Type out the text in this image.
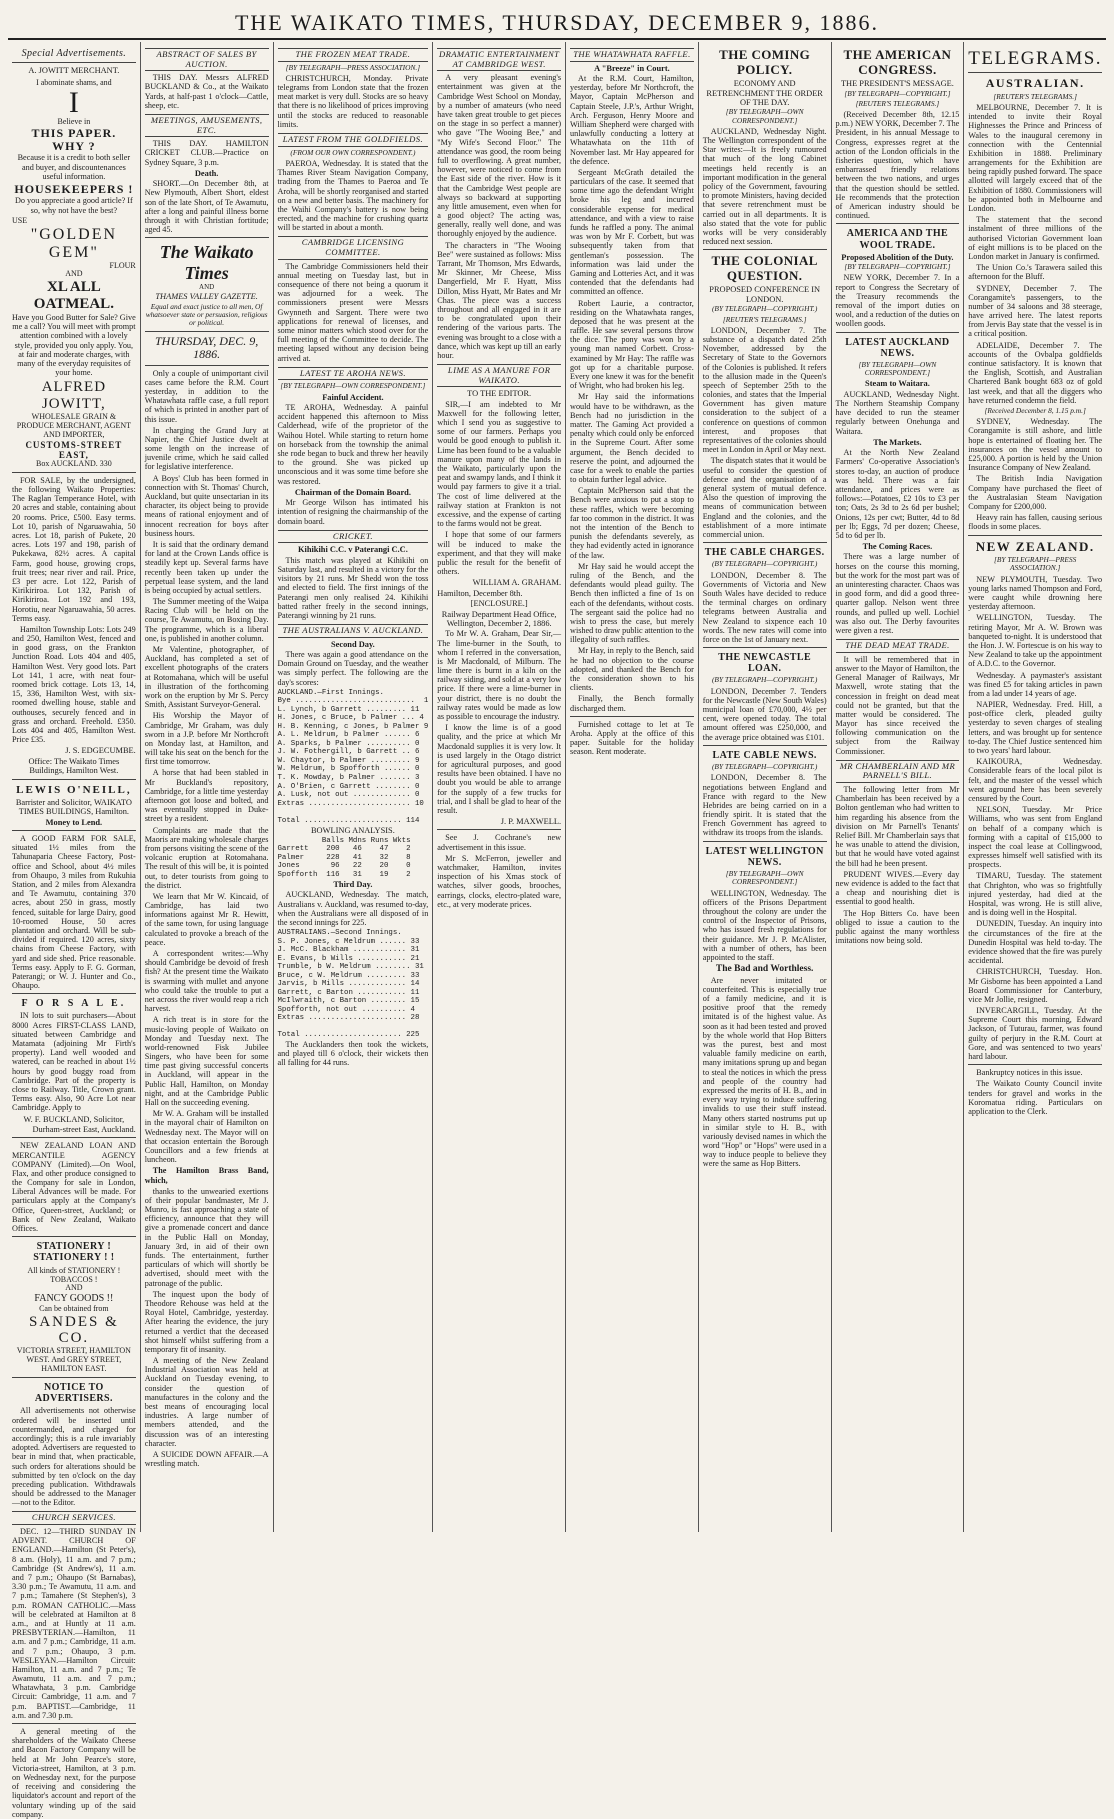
THE WAIKATO TIMES, THURSDAY, DECEMBER 9, 1886.
Special Advertisements.
A. JOWITT MERCHANT.
I abominate shams, and
I
Believe in
THIS PAPER.
WHY ?
Because it is a credit to both seller and buyer, and discountenances useful information.
HOUSEKEEPERS !
Do you appreciate a good article? If so, why not have the best?
USE
"GOLDEN GEM"
FLOUR
AND
XL ALL OATMEAL.
Have you Good Butter for Sale? Give me a call? You will meet with prompt attention combined with a lovely style, provided you only apply. You, at fair and moderate charges, with many of the everyday requisites of your home.
ALFRED JOWITT,
WHOLESALE GRAIN & PRODUCE MERCHANT, AGENT AND IMPORTER,
CUSTOMS-STREET EAST,
Box AUCKLAND. 330
FOR SALE, by the undersigned, the following Waikato Properties: The Raglan Temperance Hotel, with 20 acres and stable, containing about 20 rooms. Price, £500. Easy terms. Lot 10, parish of Ngaruawahia, 50 acres. Lot 18, parish of Pukete, 20 acres. Lots 197 and 198, parish of Pukekawa, 82½ acres. A capital Farm, good house, growing crops, fruit trees; near river and rail. Price, £3 per acre. Lot 122, Parish of Kirikiriroa. Lot 132, Parish of Kirikiriroa. Lot 192 and 193, Horotiu, near Ngaruawahia, 50 acres. Terms easy.
Hamilton Township Lots: Lots 249 and 250, Hamilton West, fenced and in good grass, on the Frankton Junction Road. Lots 404 and 405, Hamilton West. Very good lots. Part Lot 141, 1 acre, with neat four-roomed brick cottage. Lots 13, 14, 15, 336, Hamilton West, with six-roomed dwelling house, stable and outhouses, securely fenced and in grass and orchard. Freehold. £350. Lots 404 and 405, Hamilton West. Price £35.
J. S. EDGECUMBE.
Office: The Waikato Times Buildings, Hamilton West.
LEWIS O'NEILL,
Barrister and Solicitor, WAIKATO TIMES BUILDINGS, Hamilton.
Money to Lend.
A GOOD FARM FOR SALE, situated 1½ miles from the Tahunaparia Cheese Factory, Post-office and School, about 4½ miles from Ohaupo, 3 miles from Rukuhia Station, and 2 miles from Alexandra and Te Awamutu, containing 370 acres, about 250 in grass, mostly fenced, suitable for large Dairy, good 10-roomed House, 50 acres plantation and orchard. Will be sub-divided if required. 120 acres, sixty chains from Cheese Factory, with yard and side shed. Price reasonable. Terms easy. Apply to F. G. Gorman, Paterangi; or W. J. Hunter and Co., Ohaupo.
F O R S A L E.
IN lots to suit purchasers—About 8000 Acres FIRST-CLASS LAND, situated between Cambridge and Matamata (adjoining Mr Firth's property). Land well wooded and watered, can be reached in about 1½ hours by good buggy road from Cambridge. Part of the property is close to Railway. Title, Crown grant. Terms easy. Also, 90 Acre Lot near Cambridge. Apply to
W. F. BUCKLAND, Solicitor,
Durham-street East, Auckland.
NEW ZEALAND LOAN AND MERCANTILE AGENCY COMPANY (Limited).—On Wool, Flax, and other produce consigned to the Company for sale in London, Liberal Advances will be made. For particulars apply at the Company's Office, Queen-street, Auckland; or Bank of New Zealand, Waikato Offices.
STATIONERY ! STATIONERY ! !
All kinds of STATIONERY !
TOBACCOS !
AND
FANCY GOODS !!
Can be obtained from
SANDES & CO.
VICTORIA STREET, HAMILTON WEST. And GREY STREET, HAMILTON EAST.
NOTICE TO ADVERTISERS.
All advertisements not otherwise ordered will be inserted until countermanded, and charged for accordingly; this is a rule invariably adopted. Advertisers are requested to bear in mind that, when practicable, such orders for alterations should be submitted by ten o'clock on the day preceding publication. Withdrawals should be addressed to the Manager—not to the Editor.
CHURCH SERVICES.
DEC. 12—THIRD SUNDAY IN ADVENT. CHURCH OF ENGLAND.—Hamilton (St Peter's), 8 a.m. (Holy), 11 a.m. and 7 p.m.; Cambridge (St Andrew's), 11 a.m. and 7 p.m.; Ohaupo (St Barnabas), 3.30 p.m.; Te Awamutu, 11 a.m. and 7 p.m.; Tamahere (St Stephen's), 3 p.m. ROMAN CATHOLIC.—Mass will be celebrated at Hamilton at 8 a.m., and at Huntly at 11 a.m. PRESBYTERIAN.—Hamilton, 11 a.m. and 7 p.m.; Cambridge, 11 a.m. and 7 p.m.; Ohaupo, 3 p.m. WESLEYAN.—Hamilton Circuit: Hamilton, 11 a.m. and 7 p.m.; Te Awamutu, 11 a.m. and 7 p.m.; Whatawhata, 3 p.m. Cambridge Circuit: Cambridge, 11 a.m. and 7 p.m. BAPTIST.—Cambridge, 11 a.m. and 7.30 p.m.
A general meeting of the shareholders of the Waikato Cheese and Bacon Factory Company will be held at Mr John Pearce's store, Victoria-street, Hamilton, at 3 p.m. on Wednesday next, for the purpose of receiving and considering the liquidator's account and report of the voluntary winding up of the said company.
ABSTRACT OF SALES BY AUCTION.
THIS DAY. Messrs ALFRED BUCKLAND & Co., at the Waikato Yards, at half-past 1 o'clock—Cattle, sheep, etc.
MEETINGS, AMUSEMENTS, ETC.
THIS DAY. HAMILTON CRICKET CLUB.—Practice on Sydney Square, 3 p.m.
Death.
SHORT.—On December 8th, at New Plymouth, Albert Short, eldest son of the late Short, of Te Awamutu, after a long and painful illness borne through it with Christian fortitude; aged 45.
The Waikato Times
AND
THAMES VALLEY GAZETTE.
Equal and exact justice to all men, Of whatsoever state or persuasion, religious or political.
THURSDAY, DEC. 9, 1886.
Only a couple of unimportant civil cases came before the R.M. Court yesterday, in addition to the Whatawhata raffle case, a full report of which is printed in another part of this issue.
In charging the Grand Jury at Napier, the Chief Justice dwelt at some length on the increase of juvenile crime, which he said called for legislative interference.
A Boys' Club has been formed in connection with St. Thomas' Church, Auckland, but quite unsectarian in its character, its object being to provide means of rational enjoyment and of innocent recreation for boys after business hours.
It is said that the ordinary demand for land at the Crown Lands office is steadily kept up. Several farms have recently been taken up under the perpetual lease system, and the land is being occupied by actual settlers.
The Summer meeting of the Waipa Racing Club will be held on the course, Te Awamutu, on Boxing Day. The programme, which is a liberal one, is published in another column.
Mr Valentine, photographer, of Auckland, has completed a set of excellent photographs of the craters at Rotomahana, which will be useful in illustration of the forthcoming work on the eruption by Mr S. Percy Smith, Assistant Surveyor-General.
His Worship the Mayor of Cambridge, Mr Graham, was duly sworn in a J.P. before Mr Northcroft on Monday last, at Hamilton, and will take his seat on the bench for the first time tomorrow.
A horse that had been stabled in Mr Buckland's repository, Cambridge, for a little time yesterday afternoon got loose and bolted, and was eventually stopped in Duke-street by a resident.
Complaints are made that the Maoris are making wholesale charges from persons visiting the scene of the volcanic eruption at Rotomahana. The result of this will be, it is pointed out, to deter tourists from going to the district.
We learn that Mr W. Kincaid, of Cambridge, has laid two informations against Mr R. Hewitt, of the same town, for using language calculated to provoke a breach of the peace.
A correspondent writes:—Why should Cambridge be devoid of fresh fish? At the present time the Waikato is swarming with mullet and anyone who could take the trouble to put a net across the river would reap a rich harvest.
A rich treat is in store for the music-loving people of Waikato on Monday and Tuesday next. The world-renowned Fisk Jubilee Singers, who have been for some time past giving successful concerts in Auckland, will appear in the Public Hall, Hamilton, on Monday night, and at the Cambridge Public Hall on the succeeding evening.
Mr W. A. Graham will be installed in the mayoral chair of Hamilton on Wednesday next. The Mayor will on that occasion entertain the Borough Councillors and a few friends at luncheon.
The Hamilton Brass Band, which,
thanks to the unwearied exertions of their popular bandmaster, Mr J. Munro, is fast approaching a state of efficiency, announce that they will give a promenade concert and dance in the Public Hall on Monday, January 3rd, in aid of their own funds. The entertainment, further particulars of which will shortly be advertised, should meet with the patronage of the public.
The inquest upon the body of Theodore Rehouse was held at the Royal Hotel, Cambridge, yesterday. After hearing the evidence, the jury returned a verdict that the deceased shot himself whilst suffering from a temporary fit of insanity.
A meeting of the New Zealand Industrial Association was held at Auckland on Tuesday evening, to consider the question of manufactures in the colony and the best means of encouraging local industries. A large number of members attended, and the discussion was of an interesting character.
A SUICIDE DOWN AFFAIR.—A wrestling match.
THE FROZEN MEAT TRADE.
[BY TELEGRAPH—PRESS ASSOCIATION.]
CHRISTCHURCH, Monday. Private telegrams from London state that the frozen meat market is very dull. Stocks are so heavy that there is no likelihood of prices improving until the stocks are reduced to reasonable limits.
LATEST FROM THE GOLDFIELDS.
(FROM OUR OWN CORRESPONDENT.)
PAEROA, Wednesday. It is stated that the Thames River Steam Navigation Company, trading from the Thames to Paeroa and Te Aroha, will be shortly reorganised and started on a new and better basis. The machinery for the Waihi Company's battery is now being erected, and the machine for crushing quartz will be started in about a month.
CAMBRIDGE LICENSING COMMITTEE.
The Cambridge Commissioners held their annual meeting on Tuesday last, but in consequence of there not being a quorum it was adjourned for a week. The commissioners present were Messrs Gwynneth and Sargent. There were two applications for renewal of licenses, and some minor matters which stood over for the full meeting of the Committee to decide. The meeting lapsed without any decision being arrived at.
LATEST TE AROHA NEWS.
[BY TELEGRAPH—OWN CORRESPONDENT.]
Fainful Accident.
TE AROHA, Wednesday. A painful accident happened this afternoon to Miss Calderhead, wife of the proprietor of the Waihou Hotel. While starting to return home on horseback from the township the animal she rode began to buck and threw her heavily to the ground. She was picked up unconscious and it was some time before she was restored.
Chairman of the Domain Board.
Mr George Wilson has intimated his intention of resigning the chairmanship of the domain board.
CRICKET.
Kihikihi C.C. v Paterangi C.C.
This match was played at Kihikihi on Saturday last, and resulted in a victory for the visitors by 21 runs. Mr Shedd won the toss and elected to field. The first innings of the Paterangi men only realised 24. Kihikihi batted rather freely in the second innings, Paterangi winning by 21 runs.
THE AUSTRALIANS V. AUCKLAND.
Second Day.
There was again a good attendance on the Domain Ground on Tuesday, and the weather was simply perfect. The following are the day's scores:
AUCKLAND.—First Innings.
Bye ...........................  1
L. Lynch, b Garrett ......... 11
H. Jones, c Bruce, b Palmer ... 4
H. B. Kenning, c Jones, b Palmer 9
A. L. Meldrum, b Palmer ...... 6
A. Sparks, b Palmer .......... 0
J. W. Fothergill, b Garrett .. 6
W. Chaytor, b Palmer ......... 9
W. Meldrum, b Spofforth ...... 0
T. K. Mowday, b Palmer ....... 3
A. O'Brien, c Garrett ........ 0
A. Lusk, not out ............. 0
Extras ....................... 10

Total ...................... 114
BOWLING ANALYSIS.
Balls Mdns Runs Wkts
Garrett    200   46    47    2
Palmer     228   41    32    8
Jones       96   22    20    0
Spofforth  116   31    19    2
Third Day.
AUCKLAND, Wednesday. The match, Australians v. Auckland, was resumed to-day, when the Australians were all disposed of in the second innings for 225.
AUSTRALIANS.—Second Innings.
S. P. Jones, c Meldrum ...... 33
J. McC. Blackham ............ 31
E. Evans, b Wills ........... 21
Trumble, b W. Meldrum ........ 31
Bruce, c W. Meldrum ......... 33
Jarvis, b Mills ............. 14
Garrett, c Barton ........... 11
McIlwraith, c Barton ........ 15
Spofforth, not out .......... 4
Extras ...................... 28

Total ...................... 225
The Aucklanders then took the wickets, and played till 6 o'clock, their wickets then all falling for 44 runs.
DRAMATIC ENTERTAINMENT AT CAMBRIDGE WEST.
A very pleasant evening's entertainment was given at the Cambridge West School on Monday, by a number of amateurs (who need have taken great trouble to get pieces on the stage in so perfect a manner) who gave "The Wooing Bee," and "My Wife's Second Floor." The attendance was good, the room being full to overflowing. A great number, however, were noticed to come from the East side of the river. How is it that the Cambridge West people are always so backward at supporting any little amusement, even when for a good object? The acting was, generally, really well done, and was thoroughly enjoyed by the audience.
The characters in "The Wooing Bee" were sustained as follows: Miss Tarrant, Mr Thomson, Mrs Edwards, Mr Skinner, Mr Cheese, Miss Dangerfield, Mr F. Hyatt, Miss Dillon, Miss Hyatt, Mr Bates and Mr Chas. The piece was a success throughout and all engaged in it are to be congratulated upon their rendering of the various parts. The evening was brought to a close with a dance, which was kept up till an early hour.
LIME AS A MANURE FOR WAIKATO.
TO THE EDITOR.
SIR,—I am indebted to Mr Maxwell for the following letter, which I send you as suggestive to some of our farmers. Perhaps you would be good enough to publish it. Lime has been found to be a valuable manure upon many of the lands in the Waikato, particularly upon the peat and swampy lands, and I think it would pay farmers to give it a trial. The cost of lime delivered at the railway station at Frankton is not excessive, and the expense of carting to the farms would not be great.
I hope that some of our farmers will be induced to make the experiment, and that they will make public the result for the benefit of others.
WILLIAM A. GRAHAM.
Hamilton, December 8th.
[ENCLOSURE.]
Railway Department Head Office, Wellington, December 2, 1886.
To Mr W. A. Graham, Dear Sir,—The lime-burner in the South, to whom I referred in the conversation, is Mr Macdonald, of Milburn. The lime there is burnt in a kiln on the railway siding, and sold at a very low price. If there were a lime-burner in your district, there is no doubt the railway rates would be made as low as possible to encourage the industry.
I know the lime is of a good quality, and the price at which Mr Macdonald supplies it is very low. It is used largely in the Otago district for agricultural purposes, and good results have been obtained. I have no doubt you would be able to arrange for the supply of a few trucks for trial, and I shall be glad to hear of the result.
J. P. MAXWELL.
See J. Cochrane's new advertisement in this issue.
Mr S. McFerron, jeweller and watchmaker, Hamilton, invites inspection of his Xmas stock of watches, silver goods, brooches, earrings, clocks, electro-plated ware, etc., at very moderate prices.
THE WHATAWHATA RAFFLE.
A "Breeze" in Court.
At the R.M. Court, Hamilton, yesterday, before Mr Northcroft, the Mayor, Captain McPherson and Captain Steele, J.P.'s, Arthur Wright, Arch. Ferguson, Henry Moore and William Shepherd were charged with unlawfully conducting a lottery at Whatawhata on the 11th of November last. Mr Hay appeared for the defence.
Sergeant McGrath detailed the particulars of the case. It seemed that some time ago the defendant Wright broke his leg and incurred considerable expense for medical attendance, and with a view to raise funds he raffled a pony. The animal was won by Mr F. Corbett, but was subsequently taken from that gentleman's possession. The information was laid under the Gaming and Lotteries Act, and it was contended that the defendants had committed an offence.
Robert Laurie, a contractor, residing on the Whatawhata ranges, deposed that he was present at the raffle. He saw several persons throw the dice. The pony was won by a young man named Corbett. Cross-examined by Mr Hay: The raffle was got up for a charitable purpose. Every one knew it was for the benefit of Wright, who had broken his leg.
Mr Hay said the informations would have to be withdrawn, as the Bench had no jurisdiction in the matter. The Gaming Act provided a penalty which could only be enforced in the Supreme Court. After some argument, the Bench decided to reserve the point, and adjourned the case for a week to enable the parties to obtain further legal advice.
Captain McPherson said that the Bench were anxious to put a stop to these raffles, which were becoming far too common in the district. It was not the intention of the Bench to punish the defendants severely, as they had evidently acted in ignorance of the law.
Mr Hay said he would accept the ruling of the Bench, and the defendants would plead guilty. The Bench then inflicted a fine of 1s on each of the defendants, without costs. The sergeant said the police had no wish to press the case, but merely wished to draw public attention to the illegality of such raffles.
Mr Hay, in reply to the Bench, said he had no objection to the course adopted, and thanked the Bench for the consideration shown to his clients.
Finally, the Bench formally discharged them.
Furnished cottage to let at Te Aroha. Apply at the office of this paper. Suitable for the holiday season. Rent moderate.
THE COMING POLICY.
ECONOMY AND RETRENCHMENT THE ORDER OF THE DAY.
[BY TELEGRAPH—OWN CORRESPONDENT.]
AUCKLAND, Wednesday Night. The Wellington correspondent of the Star writes:—It is freely rumoured that much of the long Cabinet meetings held recently is an important modification in the general policy of the Government, favouring to promote Ministers, having decided that severe retrenchment must be carried out in all departments. It is also stated that the vote for public works will be very considerably reduced next session.
THE COLONIAL QUESTION.
PROPOSED CONFERENCE IN LONDON.
(BY TELEGRAPH—COPYRIGHT.)
[REUTER'S TELEGRAMS.]
LONDON, December 7. The substance of a dispatch dated 25th November, addressed by the Secretary of State to the Governors of the Colonies is published. It refers to the allusion made in the Queen's speech of September 25th to the colonies, and states that the Imperial Government has given mature consideration to the subject of a conference on questions of common interest, and proposes that representatives of the colonies should meet in London in April or May next.
The dispatch states that it would be useful to consider the question of defence and the organisation of a general system of mutual defence. Also the question of improving the means of communication between England and the colonies, and the establishment of a more intimate commercial union.
THE CABLE CHARGES.
(BY TELEGRAPH—COPYRIGHT.)
LONDON, December 8. The Governments of Victoria and New South Wales have decided to reduce the terminal charges on ordinary telegrams between Australia and New Zealand to sixpence each 10 words. The new rates will come into force on the 1st of January next.
THE NEWCASTLE LOAN.
(BY TELEGRAPH—COPYRIGHT.)
LONDON, December 7. Tenders for the Newcastle (New South Wales) municipal loan of £70,000, 4½ per cent, were opened today. The total amount offered was £250,000, and the average price obtained was £101.
LATE CABLE NEWS.
(BY TELEGRAPH—COPYRIGHT.)
LONDON, December 8. The negotiations between England and France with regard to the New Hebrides are being carried on in a friendly spirit. It is stated that the French Government has agreed to withdraw its troops from the islands.
LATEST WELLINGTON NEWS.
[BY TELEGRAPH—OWN CORRESPONDENT.]
WELLINGTON, Wednesday. The officers of the Prisons Department throughout the colony are under the control of the Inspector of Prisons, who has issued fresh regulations for their guidance. Mr J. P. McAlister, with a number of others, has been appointed to the staff.
The Bad and Worthless.
Are never imitated or counterfeited. This is especially true of a family medicine, and it is positive proof that the remedy imitated is of the highest value. As soon as it had been tested and proved by the whole world that Hop Bitters was the purest, best and most valuable family medicine on earth, many imitations sprung up and began to steal the notices in which the press and people of the country had expressed the merits of H. B., and in every way trying to induce suffering invalids to use their stuff instead. Many others started nostrums put up in similar style to H. B., with variously devised names in which the word "Hop" or "Hops" were used in a way to induce people to believe they were the same as Hop Bitters.
THE AMERICAN CONGRESS.
THE PRESIDENT'S MESSAGE.
[BY TELEGRAPH—COPYRIGHT.]
[REUTER'S TELEGRAMS.]
(Received December 8th, 12.15 p.m.) NEW YORK, December 7. The President, in his annual Message to Congress, expresses regret at the action of the London officials in the fisheries question, which have embarrassed friendly relations between the two nations, and urges that the question should be settled. He recommends that the protection of American industry should be continued.
AMERICA AND THE WOOL TRADE.
Proposed Abolition of the Duty.
[BY TELEGRAPH—COPYRIGHT.]
NEW YORK, December 7. In a report to Congress the Secretary of the Treasury recommends the removal of the import duties on wool, and a reduction of the duties on woollen goods.
LATEST AUCKLAND NEWS.
[BY TELEGRAPH—OWN CORRESPONDENT.]
Steam to Waitara.
AUCKLAND, Wednesday Night. The Northern Steamship Company have decided to run the steamer regularly between Onehunga and Waitara.
The Markets.
At the North New Zealand Farmers' Co-operative Association's stores to-day, an auction of produce was held. There was a fair attendance, and prices were as follows:—Potatoes, £2 10s to £3 per ton; Oats, 2s 3d to 2s 6d per bushel; Onions, 12s per cwt; Butter, 4d to 8d per lb; Eggs, 7d per dozen; Cheese, 5d to 6d per lb.
The Coming Races.
There was a large number of horses on the course this morning, but the work for the most part was of an uninteresting character. Chaos was in good form, and did a good three-quarter gallop. Nelson went three rounds, and pulled up well. Lochiel was also out. The Derby favourites were given a rest.
THE DEAD MEAT TRADE.
It will be remembered that in answer to the Mayor of Hamilton, the General Manager of Railways, Mr Maxwell, wrote stating that the concession in freight on dead meat could not be granted, but that the matter would be considered. The Mayor has since received the following communication on the subject from the Railway Commissioner.
MR CHAMBERLAIN AND MR PARNELL'S BILL.
The following letter from Mr Chamberlain has been received by a Bolton gentleman who had written to him regarding his absence from the division on Mr Parnell's Tenants' Relief Bill. Mr Chamberlain says that he was unable to attend the division, but that he would have voted against the bill had he been present.
PRUDENT WIVES.—Every day new evidence is added to the fact that a cheap and nourishing diet is essential to good health.
The Hop Bitters Co. have been obliged to issue a caution to the public against the many worthless imitations now being sold.
TELEGRAMS.
AUSTRALIAN.
[REUTER'S TELEGRAMS.]
MELBOURNE, December 7. It is intended to invite their Royal Highnesses the Prince and Princess of Wales to the inaugural ceremony in connection with the Centennial Exhibition in 1888. Preliminary arrangements for the Exhibition are being rapidly pushed forward. The space allotted will largely exceed that of the Exhibition of 1880. Commissioners will be appointed both in Melbourne and London.
The statement that the second instalment of three millions of the authorised Victorian Government loan of eight millions is to be placed on the London market in January is confirmed.
The Union Co.'s Tarawera sailed this afternoon for the Bluff.
SYDNEY, December 7. The Corangamite's passengers, to the number of 34 saloons and 38 steerage, have arrived here. The latest reports from Jervis Bay state that the vessel is in a critical position.
ADELAIDE, December 7. The accounts of the Ovbalpa goldfields continue satisfactory. It is known that the English, Scottish, and Australian Chartered Bank bought 683 oz of gold last week, and that all the diggers who have returned condemn the field.
[Received December 8, 1.15 p.m.]
SYDNEY, Wednesday. The Corangamite is still ashore, and little hope is entertained of floating her. The insurances on the vessel amount to £25,000. A portion is held by the Union Insurance Company of New Zealand.
The British India Navigation Company have purchased the fleet of the Australasian Steam Navigation Company for £200,000.
Heavy rain has fallen, causing serious floods in some places.
NEW ZEALAND.
[BY TELEGRAPH—PRESS ASSOCIATION.]
NEW PLYMOUTH, Tuesday. Two young larks named Thompson and Ford, were caught while drowning here yesterday afternoon.
WELLINGTON, Tuesday. The retiring Mayor, Mr A. W. Brown was banqueted to-night. It is understood that the Hon. J. W. Fortescue is on his way to New Zealand to take up the appointment of A.D.C. to the Governor.
Wednesday. A paymaster's assistant was fined £5 for taking articles in pawn from a lad under 14 years of age.
NAPIER, Wednesday. Fred. Hill, a post-office clerk, pleaded guilty yesterday to seven charges of stealing letters, and was brought up for sentence to-day. The Chief Justice sentenced him to two years' hard labour.
KAIKOURA, Wednesday. Considerable fears of the local pilot is felt, and the master of the vessel which went aground here has been severely censured by the Court.
NELSON, Tuesday. Mr Price Williams, who was sent from England on behalf of a company which is forming with a capital of £15,000 to inspect the coal lease at Collingwood, expresses himself well satisfied with its prospects.
TIMARU, Tuesday. The statement that Chrighton, who was so frightfully injured yesterday, had died at the Hospital, was wrong. He is still alive, and is doing well in the Hospital.
DUNEDIN, Tuesday. An inquiry into the circumstances of the fire at the Dunedin Hospital was held to-day. The evidence showed that the fire was purely accidental.
CHRISTCHURCH, Tuesday. Hon. Mr Gisborne has been appointed a Land Board Commissioner for Canterbury, vice Mr Jollie, resigned.
INVERCARGILL, Tuesday. At the Supreme Court this morning, Edward Jackson, of Tuturau, farmer, was found guilty of perjury in the R.M. Court at Gore, and was sentenced to two years' hard labour.
Bankruptcy notices in this issue.
The Waikato County Council invite tenders for gravel and works in the Koromatua riding. Particulars on application to the Clerk.
